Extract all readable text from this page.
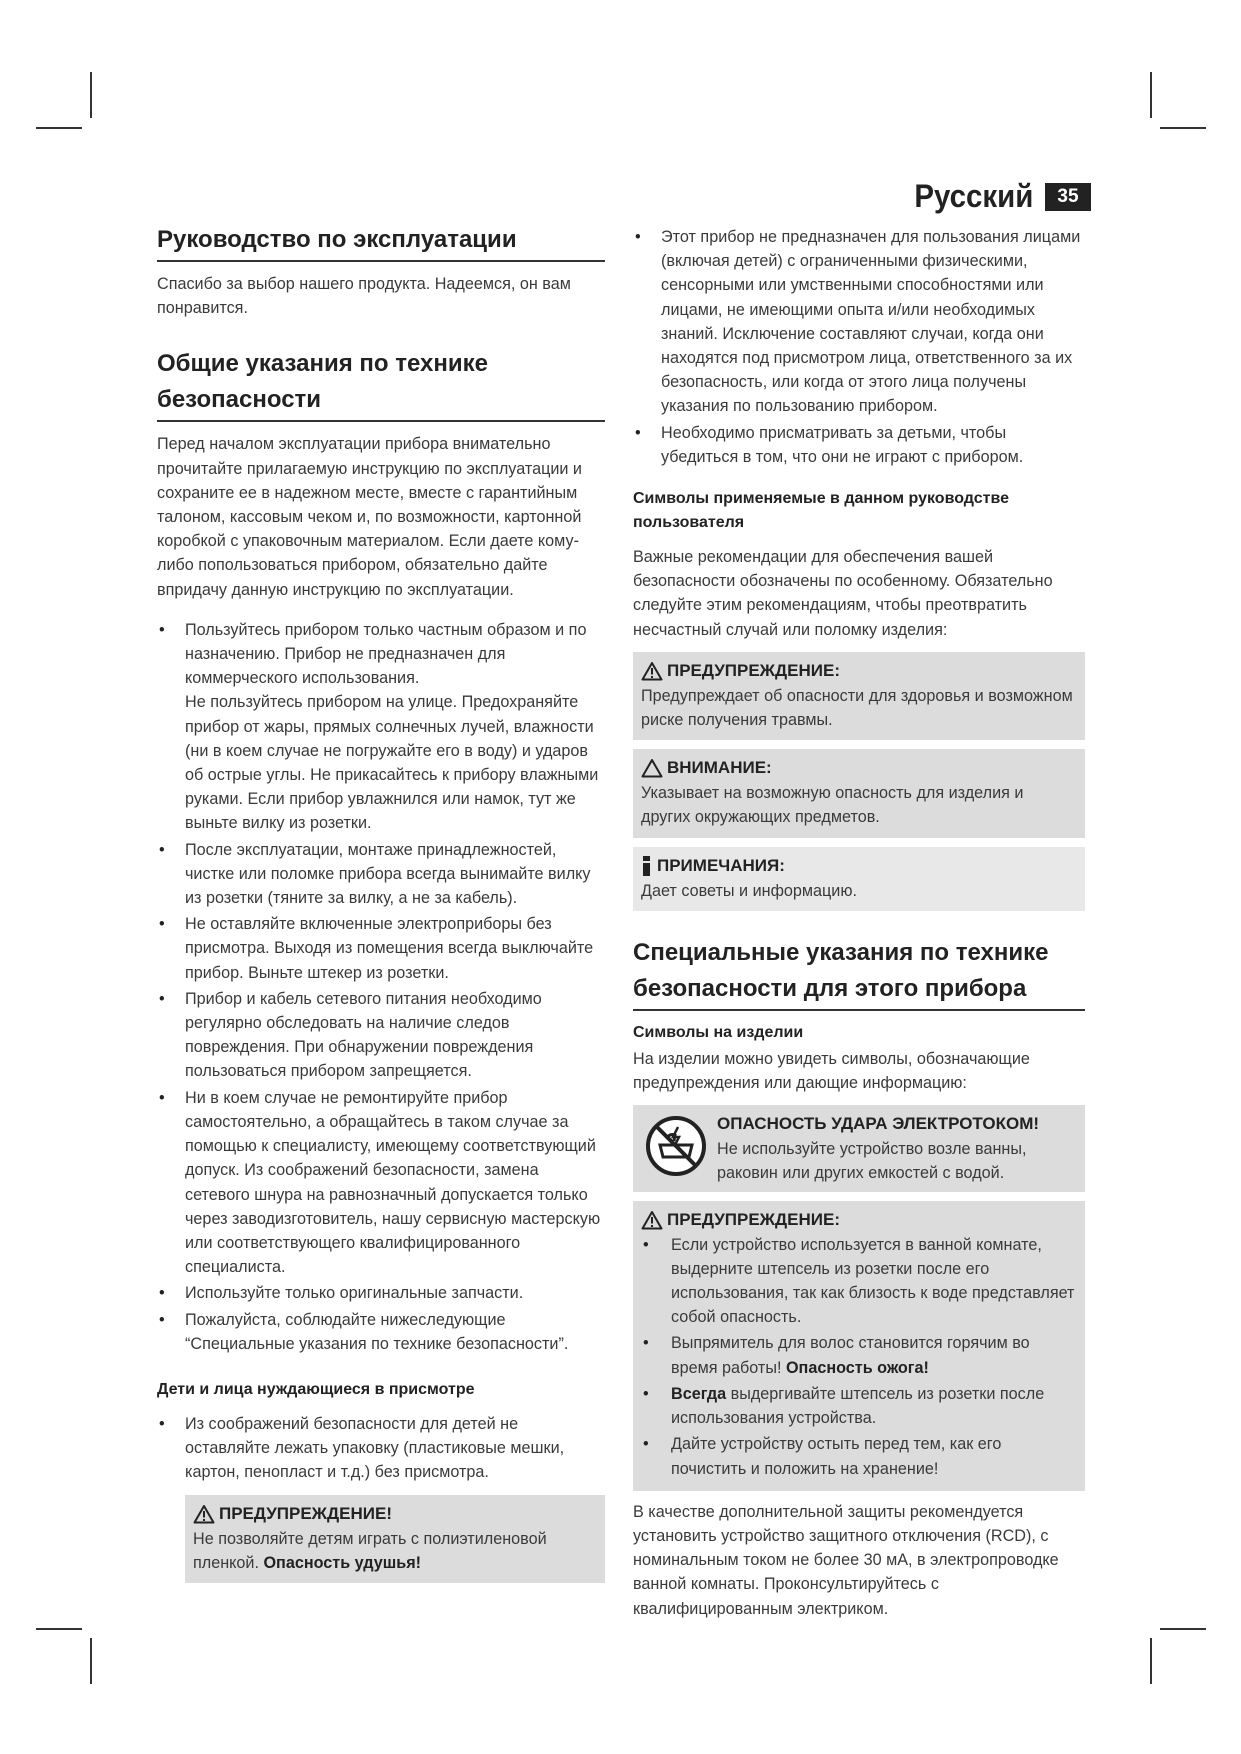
Русский	35
Руководство по эксплуатации

Спасибо за выбор нашего продукта. Надеемся, он вам понравится.

Общие указания по технике безопасности

Перед началом эксплуатации прибора внимательно прочитайте прилагаемую инструкцию по эксплуатации и сохраните ее в надежном месте, вместе с гарантийным талоном, кассовым чеком и, по возможности, картонной коробкой с упаковочным материалом. Если даете кому-либо попользоваться прибором, обязательно дайте впридачу данную инструкцию по эксплуатации.

• Пользуйтесь прибором только частным образом и по назначению. Прибор не предназначен для коммерческого использования.
Не пользуйтесь прибором на улице. Предохраняйте прибор от жары, прямых солнечных лучей, влажности (ни в коем случае не погружайте его в воду) и ударов об острые углы. Не прикасайтесь к прибору влажными руками. Если прибор увлажнился или намок, тут же выньте вилку из розетки.
• После эксплуатации, монтаже принадлежностей, чистке или поломке прибора всегда вынимайте вилку из розетки (тяните за вилку, а не за кабель).
• Не оставляйте включенные электроприборы без присмотра. Выходя из помещения всегда выключайте прибор. Выньте штекер из розетки.
• Прибор и кабель сетевого питания необходимо регулярно обследовать на наличие следов повреждения. При обнаружении повреждения пользоваться прибором запрещяется.
• Ни в коем случае не ремонтируйте прибор самостоятельно, а обращайтесь в таком случае за помощью к специалисту, имеющему соответствующий допуск. Из соображений безопасности, замена сетевого шнура на равнозначный допускается только через заводизготовитель, нашу сервисную мастерскую или соответствующего квалифицированного специалиста.
• Используйте только оригинальные запчасти.
• Пожалуйста, соблюдайте нижеследующие “Специальные указания по технике безопасности”.
Дети и лица нуждающиеся в присмотре
• Из соображений безопасности для детей не оставляйте лежать упаковку (пластиковые мешки, картон, пенопласт и т.д.) без присмотра.
ПРЕДУПРЕЖДЕНИЕ!
Не позволяйте детям играть с полиэтиленовой пленкой. Опасность удушья!
• Этот прибор не предназначен для пользования лицами (включая детей) с ограниченными физическими, сенсорными или умственными способностями или лицами, не имеющими опыта и/или необходимых знаний. Исключение составляют случаи, когда они находятся под присмотром лица, ответственного за их безопасность, или когда от этого лица получены указания по пользованию прибором.
• Необходимо присматривать за детьми, чтобы убедиться в том, что они не играют с прибором.
Символы применяемые в данном руководстве пользователя

Важные рекомендации для обеспечения вашей безопасности обозначены по особенному. Обязательно следуйте этим рекомендациям, чтобы преотвратить несчастный случай или поломку изделия:

ПРЕДУПРЕЖДЕНИЕ:
Предупреждает об опасности для здоровья и возможном риске получения травмы.
ВНИМАНИЕ:
Указывает на возможную опасность для изделия и других окружающих предметов.
ПРИМЕЧАНИЯ:
Дает советы и информацию.
Специальные указания по технике безопасности для этого прибора
Символы на изделии

На изделии можно увидеть символы, обозначающие предупреждения или дающие информацию:

ОПАСНОСТЬ УДАРА ЭЛЕКТРОТОКОМ!
Не используйте устройство возле ванны, раковин или других емкостей с водой.
ПРЕДУПРЕЖДЕНИЕ:
• Если устройство используется в ванной комнате, выдерните штепсель из розетки после его использования, так как близость к воде представляет собой опасность.
• Выпрямитель для волос становится горячим во время работы! Опасность ожога!
• Всегда выдергивайте штепсель из розетки после использования устройства.
• Дайте устройству остыть перед тем, как его почистить и положить на хранение!

В качестве дополнительной защиты рекомендуется установить устройство защитного отключения (RCD), с номинальным током не более 30 мА, в электропроводке ванной комнаты. Проконсультируйтесь с квалифицированным электриком.
